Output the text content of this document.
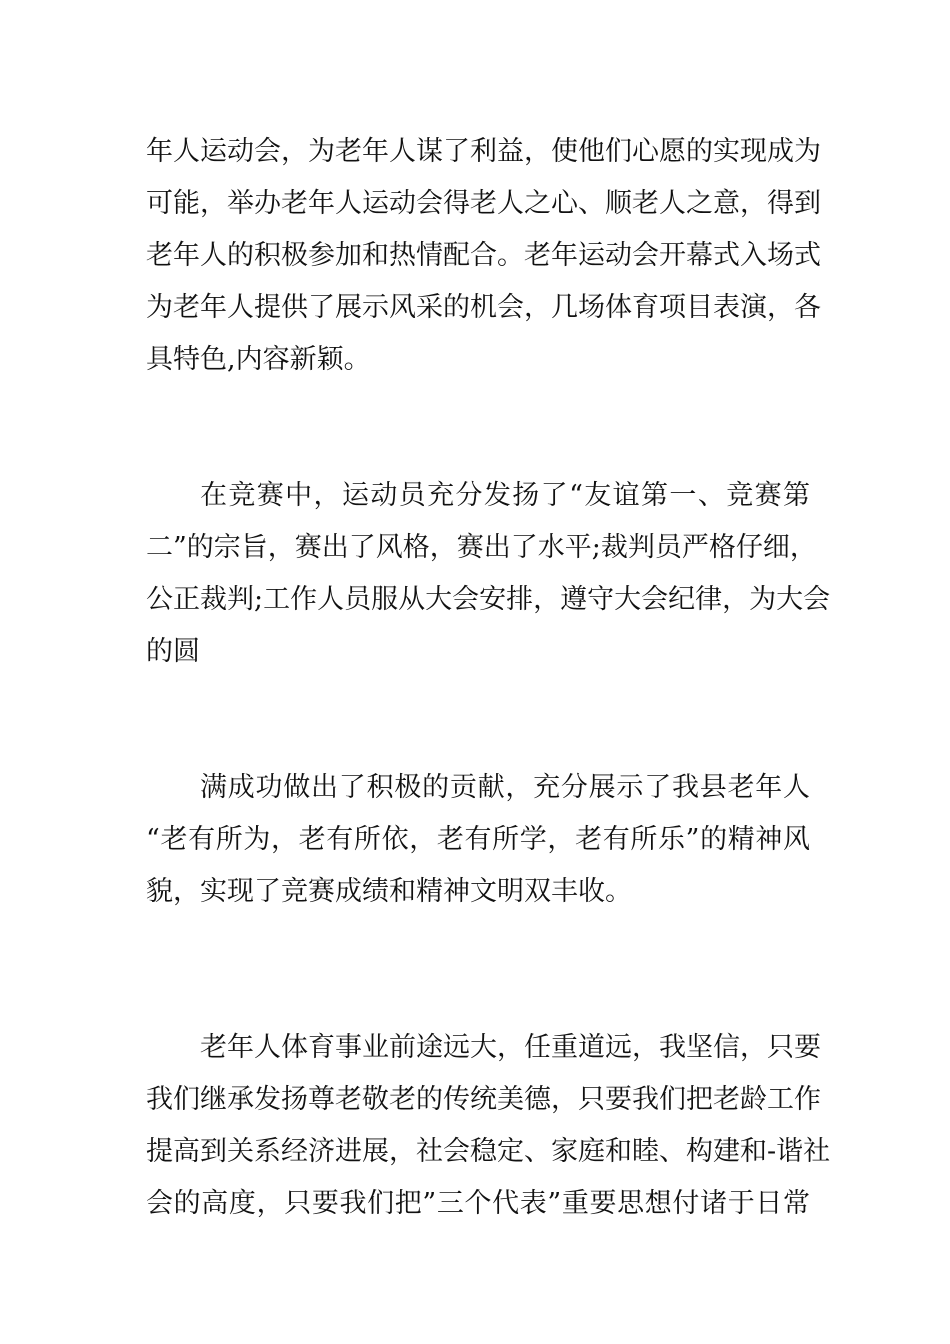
年人运动会，为老年人谋了利益，使他们心愿的实现成为
可能，举办老年人运动会得老人之心、顺老人之意，得到
老年人的积极参加和热情配合。老年运动会开幕式入场式
为老年人提供了展示风采的机会，几场体育项目表演，各
具特色,内容新颖。
在竞赛中，运动员充分发扬了“友谊第一、竞赛第
二”的宗旨，赛出了风格，赛出了水平;裁判员严格仔细，
公正裁判;工作人员服从大会安排，遵守大会纪律，为大会
的圆
满成功做出了积极的贡献，充分展示了我县老年人
“老有所为，老有所依，老有所学，老有所乐”的精神风
貌，实现了竞赛成绩和精神文明双丰收。
老年人体育事业前途远大，任重道远，我坚信，只要
我们继承发扬尊老敬老的传统美德，只要我们把老龄工作
提高到关系经济进展，社会稳定、家庭和睦、构建和-谐社
会的高度，只要我们把”三个代表”重要思想付诸于日常
